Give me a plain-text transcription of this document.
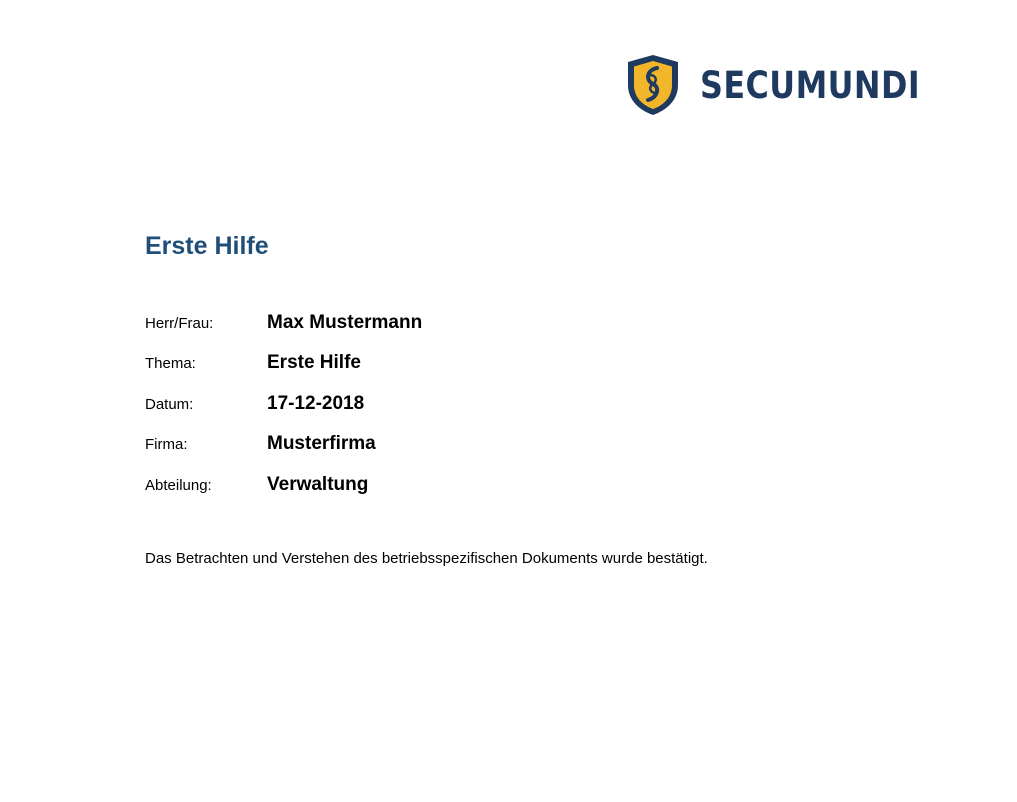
SECUMUNDI
Erste Hilfe
Herr/Frau:	Max Mustermann
Thema:	Erste Hilfe
Datum:	17-12-2018
Firma:	Musterfirma
Abteilung:	Verwaltung

Das Betrachten und Verstehen des betriebsspezifischen Dokuments wurde bestätigt.
